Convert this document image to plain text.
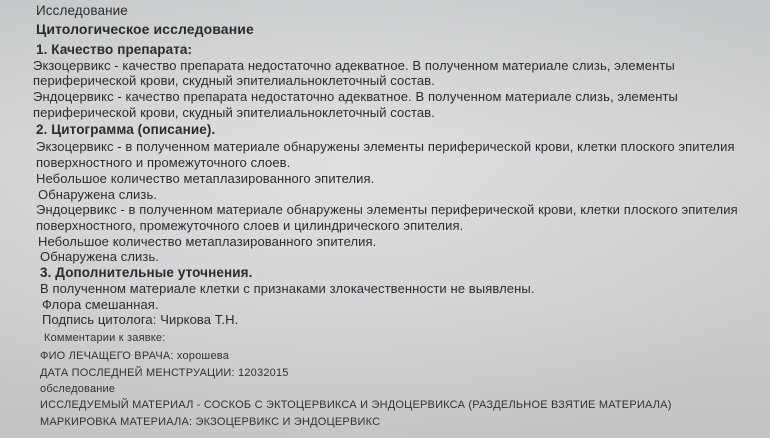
Исследование
Цитологическое исследование
1. Качество препарата:
Экзоцервикс - качество препарата недостаточно адекватное. В полученном материале слизь, элементы
периферической крови, скудный эпителиальноклеточный состав.
Эндоцервикс - качество препарата недостаточно адекватное. В полученном материале слизь, элементы
периферической крови, скудный эпителиальноклеточный состав.
2. Цитограмма (описание).
Экзоцервикс - в полученном материале обнаружены элементы периферической крови, клетки плоского эпителия
поверхностного и промежуточного слоев.
Небольшое количество метаплазированного эпителия.
Обнаружена слизь.
Эндоцервикс - в полученном материале обнаружены элементы периферической крови, клетки плоского эпителия
поверхностного, промежуточного слоев и цилиндрического эпителия.
Небольшое количество метаплазированного эпителия.
Обнаружена слизь.
3. Дополнительные уточнения.
В полученном материале клетки с признаками злокачественности не выявлены.
Флора смешанная.
Подпись цитолога: Чиркова Т.Н.
Комментарии к заявке:
ФИО ЛЕЧАЩЕГО ВРАЧА: хорошева
ДАТА ПОСЛЕДНЕЙ МЕНСТРУАЦИИ: 12032015
обследование
ИССЛЕДУЕМЫЙ МАТЕРИАЛ - СОСКОБ С ЭКТОЦЕРВИКСА И ЭНДОЦЕРВИКСА (РАЗДЕЛЬНОЕ ВЗЯТИЕ МАТЕРИАЛА)
МАРКИРОВКА МАТЕРИАЛА: ЭКЗОЦЕРВИКС И ЭНДОЦЕРВИКС
